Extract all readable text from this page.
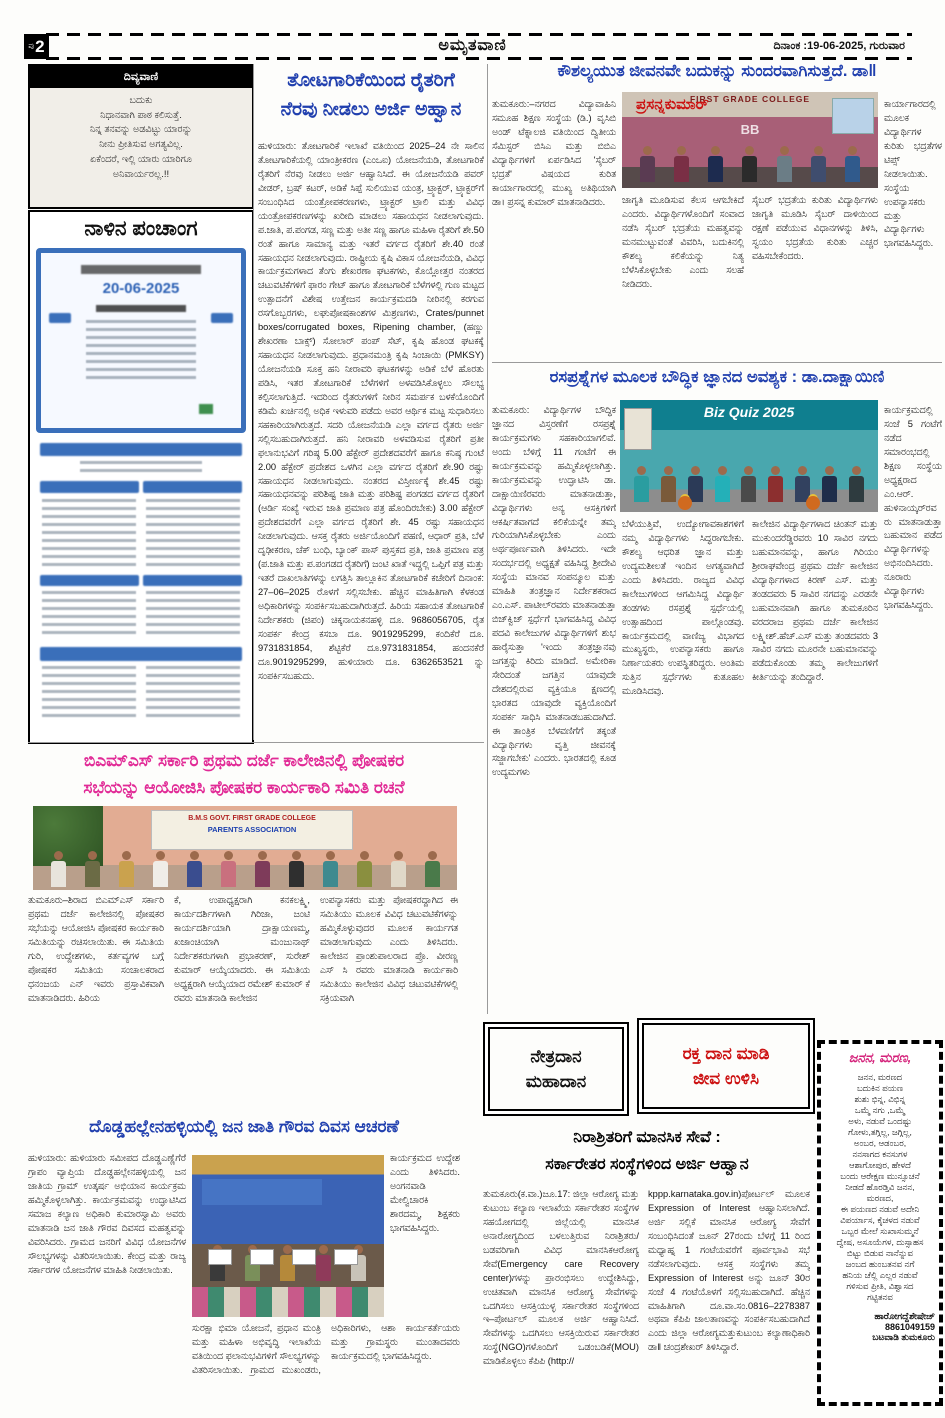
ಪು 2	ಅಮೃತವಾಣಿ	ದಿನಾಂಕ :19-06-2025, ಗುರುವಾರ
ದಿವ್ಯವಾಣಿ
ಬದುಕು
ನಿಧಾನವಾಗಿ ಪಾಠ ಕಲಿಸುತ್ತೆ.
ನಿನ್ನ ತನವನ್ನು ಅಡವಿಟ್ಟು ಯಾರನ್ನು
ನೀನು ಪ್ರೀತಿಸುವ ಅಗತ್ಯವಿಲ್ಲ.
ಏಕೆಂದರೆ, ಇಲ್ಲಿ ಯಾರು ಯಾರಿಗೂ
ಅನಿವಾರ್ಯರಲ್ಲ.!!
ನಾಳಿನ ಪಂಚಾಂಗ
20-06-2025
ತೋಟಗಾರಿಕೆಯಿಂದ ರೈತರಿಗೆ
ನೆರವು ನೀಡಲು ಅರ್ಜಿ ಅಹ್ವಾನ
ಹುಳಿಯಾರು: ತೋಟಗಾರಿಕೆ ಇಲಾಖೆ ವತಿಯಿಂದ 2025–24 ನೇ ಸಾಲಿನ ತೋಟಗಾರಿಕೆಯಲ್ಲಿ ಯಾಂತ್ರೀಕರಣ (ಎಂಒಐ) ಯೋಜನೆಯಡಿ, ತೋಟಗಾರಿಕೆ ರೈತರಿಗೆ ನೆರವು ನೀಡಲು ಅರ್ಜಿ ಆಹ್ವಾನಿಸಿದೆ. ಈ ಯೋಜನೆಯಡಿ ಪವರ್ ವೀಡರ್, ಬ್ರಷ್ ಕಟರ್, ಅಡಿಕೆ ಸಿಪ್ಪೆ ಸುಲಿಯುವ ಯಂತ್ರ, ಟ್ರ್ಯಾಕ್ಟರ್, ಟ್ರ್ಯಾಕ್ಟರ್‌ಗೆ ಸಂಬಂಧಿಸಿದ ಯಂತ್ರೋಪಕರಣಗಳು, ಟ್ರ್ಯಾಕ್ಟರ್ ಟ್ರಾಲಿ ಮತ್ತು ವಿವಿಧ ಯಂತ್ರೋಪಕರಣಗಳನ್ನು ಖರೀದಿ ಮಾಡಲು ಸಹಾಯಧನ ನೀಡಲಾಗುವುದು. ಪ.ಜಾತಿ, ಪ.ಪಂಗಡ, ಸಣ್ಣ ಮತ್ತು ಅತೀ ಸಣ್ಣ ಹಾಗೂ ಮಹಿಳಾ ರೈತರಿಗೆ ಶೇ.50 ರಂತೆ ಹಾಗೂ ಸಾಮಾನ್ಯ ಮತ್ತು ಇತರೆ ವರ್ಗದ ರೈತರಿಗೆ ಶೇ.40 ರಂತೆ ಸಹಾಯಧನ ನೀಡಲಾಗುವುದು. ರಾಷ್ಟ್ರೀಯ ಕೃಷಿ ವಿಕಾಸ ಯೋಜನೆಯಡಿ, ವಿವಿಧ ಕಾರ್ಯಕ್ರಮಗಳಾದ ತೆಂಗು ಶೇಖರಣಾ ಘಟಕಗಳು, ಕೊಯ್ಲೋತ್ತರ ನಂತರದ ಚಟುವಟಿಕೆಗಳಿಗೆ ಫಾರಂ ಗೇಟ್ ಹಾಗೂ ತೋಟಗಾರಿಕೆ ಬೆಳೆಗಳಲ್ಲಿ ಗುಣ ಮಟ್ಟದ ಉತ್ಪಾದನೆಗೆ ವಿಶೇಷ ಉತ್ತೇಜನ ಕಾರ್ಯಕ್ರಮದಡಿ ನೀರಿನಲ್ಲಿ ಕರಗುವ ರಸಗೊಬ್ಬರಗಳು, ಲಘುಪೋಷಕಾಂಶಗಳ ಮಿಶ್ರಣಗಳು, Crates/punnet boxes/corrugated boxes, Ripening chamber, (ಹಣ್ಣು ಶೇಖರಣಾ ಬಾಕ್ಸ್) ಸೋಲಾರ್ ಪಂಪ್ ಸೆಟ್, ಕೃಷಿ ಹೊಂಡ ಘಟಕಕ್ಕೆ ಸಹಾಯಧನ ನೀಡಲಾಗುವುದು. ಪ್ರಧಾನಮಂತ್ರಿ ಕೃಷಿ ಸಿಂಚಾಯಿ (PMKSY) ಯೋಜನೆಯಡಿ ಸೂಕ್ತ ಹನಿ ನೀರಾವರಿ ಘಟಕಗಳನ್ನು ಅಡಿಕೆ ಬೆಳೆ ಹೊರತು ಪಡಿಸಿ, ಇತರ ತೋಟಗಾರಿಕೆ ಬೆಳೆಗಳಿಗೆ ಅಳವಡಿಸಿಕೊಳ್ಳಲು ಸೌಲಭ್ಯ ಕಲ್ಪಿಸಲಾಗುತ್ತಿದೆ. ಇದರಿಂದ ರೈತರುಗಳಿಗೆ ನೀರಿನ ಸಮರ್ಪಕ ಬಳಕೆಯೊಂದಿಗೆ ಕಡಿಮೆ ಖರ್ಚಿನಲ್ಲಿ ಅಧಿಕ ಇಳುವರಿ ಪಡೆದು ಅವರ ಆರ್ಥಿಕ ಮಟ್ಟ ಸುಧಾರಿಸಲು ಸಹಕಾರಿಯಾಗಿರುತ್ತದೆ. ಸದರಿ ಯೋಜನೆಯಡಿ ಎಲ್ಲಾ ವರ್ಗದ ರೈತರು ಅರ್ಜಿ ಸಲ್ಲಿಸಬಹುದಾಗಿರುತ್ತದೆ. ಹನಿ ನೀರಾವರಿ ಅಳವಡಿಸುವ ರೈತರಿಗೆ ಪ್ರತೀ ಫಲಾನುಭವಿಗೆ ಗರಿಷ್ಠ 5.00 ಹೆಕ್ಟೇರ್ ಪ್ರದೇಶದವರೆಗೆ ಹಾಗೂ ಕನಿಷ್ಠ ಗುಂಟೆ 2.00 ಹೆಕ್ಟೇರ್ ಪ್ರದೇಶದ ಒಳಗಿನ ಎಲ್ಲಾ ವರ್ಗದ ರೈತರಿಗೆ ಶೇ.90 ರಷ್ಟು ಸಹಾಯಧನ ನೀಡಲಾಗುವುದು. ನಂತರದ ವಿಸ್ತೀರ್ಣಕ್ಕೆ ಶೇ.45 ರಷ್ಟು ಸಹಾಯಧನವನ್ನು ಪರಿಶಿಷ್ಟ ಜಾತಿ ಮತ್ತು ಪರಿಶಿಷ್ಟ ಪಂಗಡದ ವರ್ಗದ ರೈತರಿಗೆ (ಆರ್ಡಿ ಸಂಖ್ಯೆ ಇರುವ ಜಾತಿ ಪ್ರಮಾಣ ಪತ್ರ ಹೊಂದಿರಬೇಕು) 3.00 ಹೆಕ್ಟೇರ್ ಪ್ರದೇಶದವರೆಗೆ ಎಲ್ಲಾ ವರ್ಗದ ರೈತರಿಗೆ ಶೇ. 45 ರಷ್ಟು ಸಹಾಯಧನ ನೀಡಲಾಗುವುದು. ಆಸಕ್ತ ರೈತರು ಅರ್ಜಿಯೊಂದಿಗೆ ಪಹಣಿ, ಆಧಾರ್ ಪ್ರತಿ, ಬೆಳೆ ದೃಢೀಕರಣ, ಚೆಕ್ ಬಂಧಿ, ಬ್ಯಾಂಕ್ ಪಾಸ್ ಪುಸ್ತಕದ ಪ್ರತಿ, ಜಾತಿ ಪ್ರಮಾಣ ಪತ್ರ (ಪ.ಜಾತಿ ಮತ್ತು ಪ.ಪಂಗಡದ ರೈತರಿಗೆ) ಜಂಟಿ ಖಾತೆ ಇದ್ದಲ್ಲಿ ಒಪ್ಪಿಗೆ ಪತ್ರ ಮತ್ತು ಇತರೆ ದಾಖಲಾತಿಗಳನ್ನು ಲಗತ್ತಿಸಿ ತಾಲ್ಲೂಕಿನ ತೋಟಗಾರಿಕೆ ಕಚೇರಿಗೆ ದಿನಾಂಕ: 27–06–2025 ರೊಳಗೆ ಸಲ್ಲಿಸಬೇಕು. ಹೆಚ್ಚಿನ ಮಾಹಿತಿಗಾಗಿ ಕೆಳಕಂಡ ಅಧಿಕಾರಿಗಳನ್ನು ಸಂಪರ್ಕಿಸಬಹುದಾಗಿರುತ್ತದೆ. ಹಿರಿಯ ಸಹಾಯಕ ತೋಟಗಾರಿಕೆ ನಿರ್ದೇಶಕರು (ಜಿಪಂ) ಚಿಕ್ಕನಾಯಕನಹಳ್ಳಿ ದೂ. 9686056705, ರೈತ ಸಂಪರ್ಕ ಕೇಂದ್ರ ಕಸಬಾ ದೂ. 9019295299, ಕಂದಿಕೆರೆ ದೂ. 9731831854, ಶೆಟ್ಟಿಕೆರೆ ದೂ.9731831854, ಹಂದನಕೆರೆ ದೂ.9019295299, ಹುಳಿಯಾರು ದೂ. 6362653521 ನ್ನು ಸಂಪರ್ಕಿಸಬಹುದು.
ಕೌಶಲ್ಯಯುತ ಜೀವನವೇ ಬದುಕನ್ನು ಸುಂದರವಾಗಿಸುತ್ತದೆ. ಡಾ‖
ಪ್ರಸನ್ನಕುಮಾರ್
FIRST GRADE COLLEGE
BB
ತುಮಕೂರು:–ನಗರದ ವಿದ್ಯಾವಾಹಿನಿ ಸಮೂಹ ಶಿಕ್ಷಣ ಸಂಸ್ಥೆಯ (ಡಿ.) ವೃಸಿಬಿ ಅಂಡ್ ಟೆಕ್ನಾಲಜಿ ವತಿಯಿಂದ ದ್ವಿತೀಯ ಸೆಮಿಸ್ಟರ್ ಬಿಸಿಎ ಮತ್ತು ಬಿಬಿಎ ವಿದ್ಯಾರ್ಥಿಗಳಿಗೆ ಏರ್ಪಡಿಸಿದ 'ಸೈಬರ್ ಭದ್ರತೆ' ವಿಷಯದ ಕುರಿತ ಕಾರ್ಯಾಗಾರದಲ್ಲಿ ಮುಖ್ಯ ಅತಿಥಿಯಾಗಿ ಡಾ। ಪ್ರಸನ್ನ ಕುಮಾರ್ ಮಾತನಾಡಿದರು.	ಜಾಗೃತಿ ಮೂಡಿಸುವ ಕೆಲಸ ಆಗಬೇಕಿದೆ ಎಂದರು. ವಿದ್ಯಾರ್ಥಿಗಳೊಂದಿಗೆ ಸಂವಾದ ನಡೆಸಿ ಸೈಬರ್ ಭದ್ರತೆಯ ಮಹತ್ವವನ್ನು ಮನಮುಟ್ಟುವಂತೆ ವಿವರಿಸಿ, ಬದುಕಿನಲ್ಲಿ ಕೌಶಲ್ಯ ಕಲಿಕೆಯನ್ನು ನಿತ್ಯ ಬೆಳೆಸಿಕೊಳ್ಳಬೇಕು ಎಂದು ಸಲಹೆ ನೀಡಿದರು.
ಸೈಬರ್ ಭದ್ರತೆಯ ಕುರಿತು ವಿದ್ಯಾರ್ಥಿಗಳು ಜಾಗೃತಿ ಮೂಡಿಸಿ ಸೈಬರ್ ದಾಳಿಯಿಂದ ರಕ್ಷಣೆ ಪಡೆಯುವ ವಿಧಾನಗಳನ್ನು ತಿಳಿಸಿ, ಸ್ವಯಂ ಭದ್ರತೆಯ ಕುರಿತು ಎಚ್ಚರ ವಹಿಸಬೇಕೆಂದರು.
ಕಾರ್ಯಾಗಾರದಲ್ಲಿ ಮೂಲಕ ವಿದ್ಯಾರ್ಥಿಗಳ ಕುರಿತು ಭದ್ರತೆಗಳ ಟಿಪ್ಸ್ ನೀಡಲಾಯಿತು. ಸಂಸ್ಥೆಯ ಉಪನ್ಯಾಸಕರು ಮತ್ತು ವಿದ್ಯಾರ್ಥಿಗಳು ಭಾಗವಹಿಸಿದ್ದರು.
ರಸಪ್ರಶ್ನೆಗಳ ಮೂಲಕ ಬೌದ್ಧಿಕ ಜ್ಞಾನದ ಅವಶ್ಯಕ : ಡಾ.ದಾಕ್ಷಾಯಿಣಿ
Biz Quiz 2025
ತುಮಕೂರು: ವಿದ್ಯಾರ್ಥಿಗಳ ಬೌದ್ಧಿಕ ಜ್ಞಾನದ ವಿಸ್ತರಣೆಗೆ ರಸಪ್ರಶ್ನೆ ಕಾರ್ಯಕ್ರಮಗಳು ಸಹಕಾರಿಯಾಗಲಿವೆ. ಅಂದು ಬೆಳಿಗ್ಗೆ 11 ಗಂಟೆಗೆ ಈ ಕಾರ್ಯಕ್ರಮವನ್ನು ಹಮ್ಮಿಕೊಳ್ಳಲಾಗಿತ್ತು. ಕಾರ್ಯಕ್ರಮವನ್ನು ಉದ್ಘಾಟಿಸಿ ಡಾ. ದಾಕ್ಷಾಯಿಣಿರವರು ಮಾತನಾಡುತ್ತಾ, ವಿದ್ಯಾರ್ಥಿಗಳು ಅನ್ಯ ಆಸಕ್ತಿಗಳಿಗೆ ಆಕರ್ಷಿತವಾಗದೆ ಕಲಿಕೆಯನ್ನೇ ತಮ್ಮ ಗುರಿಯಾಗಿಸಿಕೊಳ್ಳಬೇಕು ಎಂದು ಅರ್ಥಪೂರ್ಣವಾಗಿ ತಿಳಿಸಿದರು. ಇದೇ ಸಂದರ್ಭದಲ್ಲಿ ಅಧ್ಯಕ್ಷತೆ ವಹಿಸಿದ್ದ ಶ್ರೀದೇವಿ ಸಂಸ್ಥೆಯ ಮಾನವ ಸಂಪನ್ಮೂಲ ಮತ್ತು ಮಾಹಿತಿ ತಂತ್ರಜ್ಞಾನ ನಿರ್ದೇಶಕರಾದ ಎಂ.ಎಸ್. ಪಾಟೀಲ್‌ರವರು ಮಾತನಾಡುತ್ತಾ ಬಿಜ್‌ಕ್ವಿಜ್ ಸ್ಪರ್ಧೆಗೆ ಭಾಗವಹಿಸಿದ್ದ ವಿವಿಧ ಪದವಿ ಕಾಲೇಜುಗಳ ವಿದ್ಯಾರ್ಥಿಗಳಿಗೆ ಶುಭ ಹಾರೈಸುತ್ತಾ 'ಇಂದು ತಂತ್ರಜ್ಞಾನವು ಜಗತ್ತನ್ನು ಕಿರಿದು ಮಾಡಿದೆ. ಅಮೇರಿಕಾ ಸೇರಿದಂತೆ ಜಗತ್ತಿನ ಯಾವುದೇ ದೇಶದಲ್ಲಿರುವ ವ್ಯಕ್ತಿಯೂ ಕ್ಷಣದಲ್ಲಿ ಭಾರತದ ಯಾವುದೇ ವ್ಯಕ್ತಿಯೊಂದಿಗೆ ಸಂಪರ್ಕ ಸಾಧಿಸಿ ಮಾತನಾಡಬಹುದಾಗಿದೆ. ಈ ತಾಂತ್ರಿಕ ಬೆಳವಣಿಗೆಗೆ ತಕ್ಕಂತೆ ವಿದ್ಯಾರ್ಥಿಗಳು ವೃತ್ತಿ ಜೀವನಕ್ಕೆ ಸಜ್ಜಾಗಬೇಕು' ಎಂದರು. ಭಾರತದಲ್ಲಿ ಕೂಡ ಉದ್ಯಮಗಳು
ಬೆಳೆಯುತ್ತಿವೆ, ಉದ್ಯೋಗಾವಕಾಶಗಳಿಗೆ ನಮ್ಮ ವಿದ್ಯಾರ್ಥಿಗಳು ಸಿದ್ಧರಾಗಬೇಕು. ಕೌಶಲ್ಯ ಆಧರಿತ ಜ್ಞಾನ ಮತ್ತು ಉದ್ಯಮಶೀಲತೆ ಇಂದಿನ ಅಗತ್ಯವಾಗಿದೆ ಎಂದು ತಿಳಿಸಿದರು. ರಾಜ್ಯದ ವಿವಿಧ ಕಾಲೇಜುಗಳಿಂದ ಆಗಮಿಸಿದ್ದ ವಿದ್ಯಾರ್ಥಿ ತಂಡಗಳು ರಸಪ್ರಶ್ನೆ ಸ್ಪರ್ಧೆಯಲ್ಲಿ ಉತ್ಸಾಹದಿಂದ ಪಾಲ್ಗೊಂಡವು. ಕಾರ್ಯಕ್ರಮದಲ್ಲಿ ವಾಣಿಜ್ಯ ವಿಭಾಗದ ಮುಖ್ಯಸ್ಥರು, ಉಪನ್ಯಾಸಕರು ಹಾಗೂ ನಿರ್ಣಾಯಕರು ಉಪಸ್ಥಿತರಿದ್ದರು. ಅಂತಿಮ ಸುತ್ತಿನ ಸ್ಪರ್ಧೆಗಳು ಕುತೂಹಲ ಮೂಡಿಸಿದವು.
ಕಾಲೇಜಿನ ವಿದ್ಯಾರ್ಥಿಗಳಾದ ಚಿಂತನ್ ಮತ್ತು ಮುಕುಂದರೆಡ್ಡಿರವರು 10 ಸಾವಿರ ನಗದು ಬಹುಮಾನವನ್ನು, ಹಾಗೂ ಗಿರಿಯಂ ಶ್ರೀರಾಘವೇಂದ್ರ ಪ್ರಥಮ ದರ್ಜೆ ಕಾಲೇಜಿನ ವಿದ್ಯಾರ್ಥಿಗಳಾದ ಕಿರಣ್ ಎಸ್. ಮತ್ತು ತಂಡದವರು 5 ಸಾವಿರ ನಗದನ್ನು ಎರಡನೇ ಬಹುಮಾನವಾಗಿ ಹಾಗೂ ತುಮಕೂರಿನ ವರದರಾಜ ಪ್ರಥಮ ದರ್ಜೆ ಕಾಲೇಜಿನ ಲಕ್ಷ್ಮೀಶ್.ಹೆಚ್.ಎಸ್ ಮತ್ತು ತಂಡದವರು 3 ಸಾವಿರ ನಗದು ಮೂರನೇ ಬಹುಮಾನವನ್ನು ಪಡೆದುಕೊಂಡು ತಮ್ಮ ಕಾಲೇಜುಗಳಿಗೆ ಕೀರ್ತಿಯನ್ನು ತಂದಿದ್ದಾರೆ.
ಕಾರ್ಯಕ್ರಮದಲ್ಲಿ ಸಂಜೆ 5 ಗಂಟೆಗೆ ನಡೆದ ಸಮಾರಂಭದಲ್ಲಿ ಶಿಕ್ಷಣ ಸಂಸ್ಥೆಯ ಅಧ್ಯಕ್ಷರಾದ ಎಂ.ಆರ್. ಹುಳಿನಾಯ್ಕರ್‌ರವರು ಮಾತನಾಡುತ್ತಾ ಬಹುಮಾನ ಪಡೆದ ವಿದ್ಯಾರ್ಥಿಗಳನ್ನು ಅಭಿನಂದಿಸಿದರು. ನೂರಾರು ವಿದ್ಯಾರ್ಥಿಗಳು ಭಾಗವಹಿಸಿದ್ದರು.
ಬಿಎಮ್ಎಸ್ ಸರ್ಕಾರಿ ಪ್ರಥಮ ದರ್ಜೆ ಕಾಲೇಜಿನಲ್ಲಿ ಪೋಷಕರ
ಸಭೆಯನ್ನು ಆಯೋಜಿಸಿ ಪೋಷಕರ ಕಾರ್ಯಕಾರಿ ಸಮಿತಿ ರಚನೆ
B.M.S GOVT. FIRST GRADE COLLEGE
PARENTS ASSOCIATION
ತುಮಕೂರು–ಶಿರಾದ ಬಿಎಮ್ಎಸ್ ಸರ್ಕಾರಿ ಪ್ರಥಮ ದರ್ಜೆ ಕಾಲೇಜಿನಲ್ಲಿ ಪೋಷಕರ ಸಭೆಯನ್ನು ಆಯೋಜಿಸಿ ಪೋಷಕರ ಕಾರ್ಯಕಾರಿ ಸಮಿತಿಯನ್ನು ರಚಿಸಲಾಯಿತು. ಈ ಸಮಿತಿಯ ಗುರಿ, ಉದ್ದೇಶಗಳು, ಕರ್ತವ್ಯಗಳ ಬಗ್ಗೆ ಪೋಷಕರ ಸಮಿತಿಯ ಸಂಚಾಲಕರಾದ ಧನಂಜಯ ಎನ್ ಇವರು ಪ್ರಸ್ತಾವಿಕವಾಗಿ ಮಾತನಾಡಿದರು. ಹಿರಿಯ
ಕೆ, ಉಪಾಧ್ಯಕ್ಷರಾಗಿ ಕನಕಲಕ್ಷ್ಮಿ, ಕಾರ್ಯದರ್ಶಿಗಳಾಗಿ ಗಿರಿಜಾ, ಜಂಟಿ ಕಾರ್ಯದರ್ಶಿಯಾಗಿ ದ್ರಾಕ್ಷಾಯಣಮ್ಮ, ಖಜಾಂಚಿಯಾಗಿ ಮಂಜುನಾಥ್ ನಿರ್ದೇಶಕರುಗಳಾಗಿ ಪ್ರಭಾಕರಣ್, ಸುರೇಶ್ ಕುಮಾರ್ ಆಯ್ಕೆಯಾದರು. ಈ ಸಮಿತಿಯ ಅಧ್ಯಕ್ಷರಾಗಿ ಆಯ್ಕೆಯಾದ ರಮೇಶ್ ಕುಮಾರ್ ಕೆ ರವರು ಮಾತನಾಡಿ ಕಾಲೇಜಿನ
ಉಪನ್ಯಾಸಕರು ಮತ್ತು ಪೋಷಕರದ್ದಾಗಿದ ಈ ಸಮಿತಿಯು ಮೂಲಕ ವಿವಿಧ ಚಟುವಟಿಕೆಗಳನ್ನು ಹಮ್ಮಿಕೊಳ್ಳುವುದರ ಮೂಲಕ ಕಾರ್ಯಗತ ಮಾಡಲಾಗುವುದು ಎಂದು ತಿಳಿಸಿದರು. ಕಾಲೇಜಿನ ಪ್ರಾಂಶುಪಾಲರಾದ ಪ್ರೊ. ವೀರಣ್ಣ ಎಸ್ ಸಿ ರವರು ಮಾತನಾಡಿ ಕಾರ್ಯಕಾರಿ ಸಮಿತಿಯು ಕಾಲೇಜಿನ ವಿವಿಧ ಚಟುವಟಿಕೆಗಳಲ್ಲಿ ಸಕ್ರಿಯವಾಗಿ
ದೊಡ್ಡಹಲ್ಲೇನಹಳ್ಳಿಯಲ್ಲಿ ಜನ ಜಾತಿ ಗೌರವ ದಿವಸ ಆಚರಣೆ
ಹುಳಿಯಾರು: ಹುಳಿಯಾರು ಸಮೀಪದ ದೊಡ್ಡಎಣ್ಣೆಗೆರೆ ಗ್ರಾಪಂ ವ್ಯಾಪ್ತಿಯ ದೊಡ್ಡಹಲ್ಲೇನಹಳ್ಳಿಯಲ್ಲಿ ಜನ ಜಾತಿಯ ಗ್ರಾಮ್ ಉತ್ಕರ್ಷ ಅಭಿಯಾನ ಕಾರ್ಯಕ್ರಮ ಹಮ್ಮಿಕೊಳ್ಳಲಾಗಿತ್ತು. ಕಾರ್ಯಕ್ರಮವನ್ನು ಉದ್ಘಾಟಿಸಿದ ಸಮಾಜ ಕಲ್ಯಾಣ ಅಧಿಕಾರಿ ಕುಮಾರಸ್ವಾಮಿ ಅವರು ಮಾತನಾಡಿ ಜನ ಜಾತಿ ಗೌರವ ದಿವಸದ ಮಹತ್ವವನ್ನು ವಿವರಿಸಿದರು. ಗ್ರಾಮದ ಜನರಿಗೆ ವಿವಿಧ ಯೋಜನೆಗಳ ಸೌಲಭ್ಯಗಳನ್ನು ವಿತರಿಸಲಾಯಿತು. ಕೇಂದ್ರ ಮತ್ತು ರಾಜ್ಯ ಸರ್ಕಾರಗಳ ಯೋಜನೆಗಳ ಮಾಹಿತಿ ನೀಡಲಾಯಿತು.
ಕಾರ್ಯಕ್ರಮದ ಉದ್ದೇಶ ಎಂದು ತಿಳಿಸಿದರು. ಅಂಗನವಾಡಿ ಮೇಲ್ವಿಚಾರಕಿ ಶಾರದಮ್ಮ, ಶಿಕ್ಷಕರು ಭಾಗವಹಿಸಿದ್ದರು.
ಸುರಕ್ಷಾ ಭಿಮಾ ಯೋಜನೆ, ಪ್ರಧಾನ ಮಂತ್ರಿ ಮತ್ತು ಮಹಿಳಾ ಅಭಿವೃದ್ಧಿ ಇಲಾಖೆಯ ವತಿಯಿಂದ ಫಲಾನುಭವಿಗಳಿಗೆ ಸೌಲಭ್ಯಗಳನ್ನು ವಿತರಿಸಲಾಯಿತು. ಗ್ರಾಮದ ಮುಖಂಡರು, ಅಧಿಕಾರಿಗಳು, ಆಶಾ ಕಾರ್ಯಕರ್ತೆಯರು ಮತ್ತು ಗ್ರಾಮಸ್ಥರು ಮುಂತಾದವರು ಕಾರ್ಯಕ್ರಮದಲ್ಲಿ ಭಾಗವಹಿಸಿದ್ದರು.
ನೇತ್ರದಾನ
ಮಹಾದಾನ
ರಕ್ತ ದಾನ ಮಾಡಿ
ಜೀವ ಉಳಿಸಿ
ನಿರಾಶ್ರಿತರಿಗೆ ಮಾನಸಿಕ ಸೇವೆ :
ಸರ್ಕಾರೇತರ ಸಂಸ್ಥೆಗಳಿಂದ ಅರ್ಜಿ ಆಹ್ವಾನ
ತುಮಕೂರು(ಕ.ವಾ.)ಜೂ.17: ಜಿಲ್ಲಾ ಆರೋಗ್ಯ ಮತ್ತು ಕುಟುಂಬ ಕಲ್ಯಾಣ ಇಲಾಖೆಯ ಸರ್ಕಾರೇತರ ಸಂಸ್ಥೆಗಳ ಸಹಯೋಗದಲ್ಲಿ ಜಿಲ್ಲೆಯಲ್ಲಿ ಮಾನಸಿಕ ಅನಾರೋಗ್ಯದಿಂದ ಬಳಲುತ್ತಿರುವ ನಿರಾಶ್ರಿತರು/ಬಡವರಿಗಾಗಿ ವಿವಿಧ ಮಾನಸಿಕಆರೋಗ್ಯ ಸೇವೆ(Emergency care Recovery center)ಗಳನ್ನು ಪ್ರಾರಂಭಿಸಲು ಉದ್ದೇಶಿಸಿದ್ದು, ಉಚಿತವಾಗಿ ಮಾನಸಿಕ ಆರೋಗ್ಯ ಸೇವೆಗಳನ್ನು ಒದಗಿಸಲು ಆಸಕ್ತಿಯುಳ್ಳ ಸರ್ಕಾರೇತರ ಸಂಸ್ಥೆಗಳಿಂದ ಇ–ಪೋರ್ಟಲ್ ಮೂಲಕ ಅರ್ಜಿ ಆಹ್ವಾನಿಸಿದೆ. ಸೇವೆಗಳನ್ನು ಒದಗಿಸಲು ಆಸಕ್ತಿಯಿರುವ ಸರ್ಕಾರೇತರ ಸಂಸ್ಥೆ(NGO)ಗಳೊಂದಿಗೆ ಒಡಂಬಡಿಕೆ(MOU) ಮಾಡಿಕೊಳ್ಳಲು ಕೆಪಿಪಿ (http://
kppp.karnataka.gov.in)ಪೋರ್ಟಲ್ ಮೂಲಕ Expression of Interest ಆಹ್ವಾನಿಸಲಾಗಿದೆ. ಅರ್ಜಿ ಸಲ್ಲಿಕೆ ಮಾನಸಿಕ ಆರೋಗ್ಯ ಸೇವೆಗೆ ಸಂಬಂಧಿಸಿದಂತೆ ಜೂನ್ 27ರಂದು ಬೆಳಗ್ಗೆ 11 ರಿಂದ ಮಧ್ಯಾಹ್ನ 1 ಗಂಟೆಯವರೆಗೆ ಪೂರ್ವಭಾವಿ ಸಭೆ ನಡೆಸಲಾಗುವುದು. ಆಸಕ್ತ ಸಂಸ್ಥೆಗಳು ತಮ್ಮ Expression of Interest ಅನ್ನು ಜೂನ್ 30ರ ಸಂಜೆ 4 ಗಂಟೆಯೊಳಗೆ ಸಲ್ಲಿಸಬಹುದಾಗಿದೆ. ಹೆಚ್ಚಿನ ಮಾಹಿತಿಗಾಗಿ ದೂ.ವಾ.ಸಂ.0816–2278387 ಅಥವಾ ಕೆಪಿಪಿ ಜಾಲತಾಣವನ್ನು ಸಂಪರ್ಕಿಸಬಹುದಾಗಿದೆ ಎಂದು ಜಿಲ್ಲಾ ಆರೋಗ್ಯಮತ್ತುಕುಟುಂಬ ಕಲ್ಯಾಣಾಧಿಕಾರಿ ಡಾ‖ ಚಂದ್ರಶೇಖರ್ ತಿಳಿಸಿದ್ದಾರೆ.
ಜನನ, ಮರಣ,
ಜನನ, ಮರಣದ
ಬದುಕಿನ ಪಯಣ
ಶುಶು ಭಿನ್ನ, ವಿಭಿನ್ನ
ಒಮ್ಮೆ ನಗು ,ಒಮ್ಮೆ
ಅಳು, ನಡುವೆ ಒಂದಷ್ಟು
ಗೋಳು,ತಗ್ಗಿಲ್ಲ, ಜಗ್ಗಿಲ್ಲ,
ಅಂಬರ, ಆಡಂಬರ,
ನನಸಾಗದ ಕನಸುಗಳ
ಆಶಾಗೋಪುರ, ಹೇಳದೆ
ಬಂದು ಆರೇಕ್ಷಣ ಮುನ್ಸೂಚನೆ
ನೀಡದೆ ಹೊರಡ್ತಿವಿ ಜನನ,
ಮರಣದ,
ಈ ಪಯಣದ ನಡುವೆ ಅದೇನಿ
ವಿಪರ್ಯಾಸ, ಕೈಚಳದ ನಡುವೆ
ಒಬ್ಬರ ಮೇಲೆ ಸುಖಾಸುಮ್ಮನೆ
ದ್ವೇಷ, ಅಸೂಯೆಗಳ, ದುಸ್ಸಾಹಸ
ಬಿಟ್ಟು ಬಿಡುವ ನಾನೆನ್ನುವ
ಜಂಬದ ಹುಂಬತನವ ನಗೆ
ಹನಿಯ ಚೆಲ್ಲಿ ಎಲ್ಲರ ನಡುವೆ
ಗಳಿಸುವ ಪ್ರೀತಿ, ವಿಶ್ವಾಸದ
ಗಟ್ಟಿತನವ
ಹಾರೋಗದ್ದೆಶೇಷೇಜ್
8861049159
ಬಟವಾಡಿ ತುಮಕೂರು
